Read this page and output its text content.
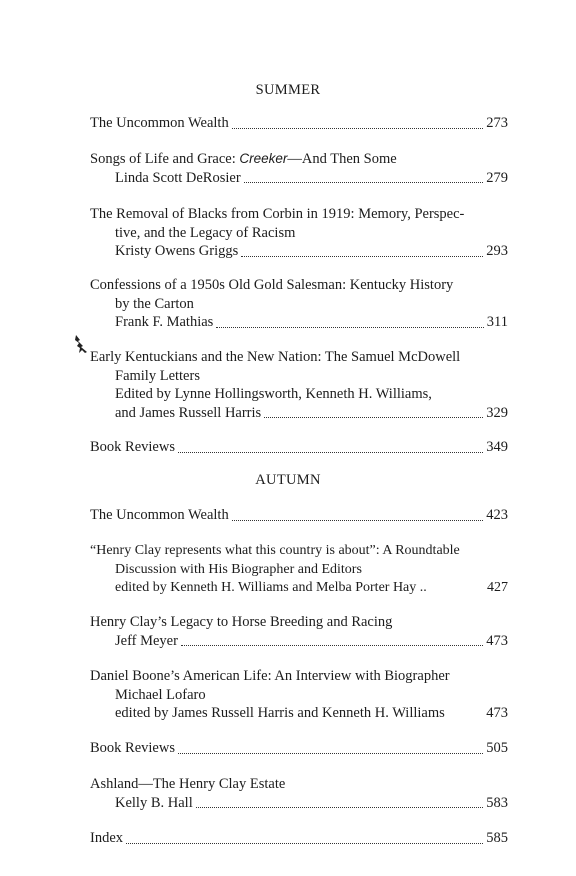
SUMMER
The Uncommon Wealth	273
Songs of Life and Grace: Creeker—And Then Some
Linda Scott DeRosier	279
The Removal of Blacks from Corbin in 1919: Memory, Perspec-
tive, and the Legacy of Racism
Kristy Owens Griggs	293
Confessions of a 1950s Old Gold Salesman: Kentucky History
by the Carton
Frank F. Mathias	311
Early Kentuckians and the New Nation: The Samuel McDowell
Family Letters
Edited by Lynne Hollingsworth, Kenneth H. Williams,
and James Russell Harris	329
Book Reviews	349
AUTUMN
The Uncommon Wealth	423
“Henry Clay represents what this country is about”: A Roundtable
Discussion with His Biographer and Editors
edited by Kenneth H. Williams and Melba Porter Hay ..	427
Henry Clay’s Legacy to Horse Breeding and Racing
Jeff Meyer	473
Daniel Boone’s American Life: An Interview with Biographer
Michael Lofaro
edited by James Russell Harris and Kenneth H. Williams	473
Book Reviews	505
Ashland—The Henry Clay Estate
Kelly B. Hall	583
Index	585
